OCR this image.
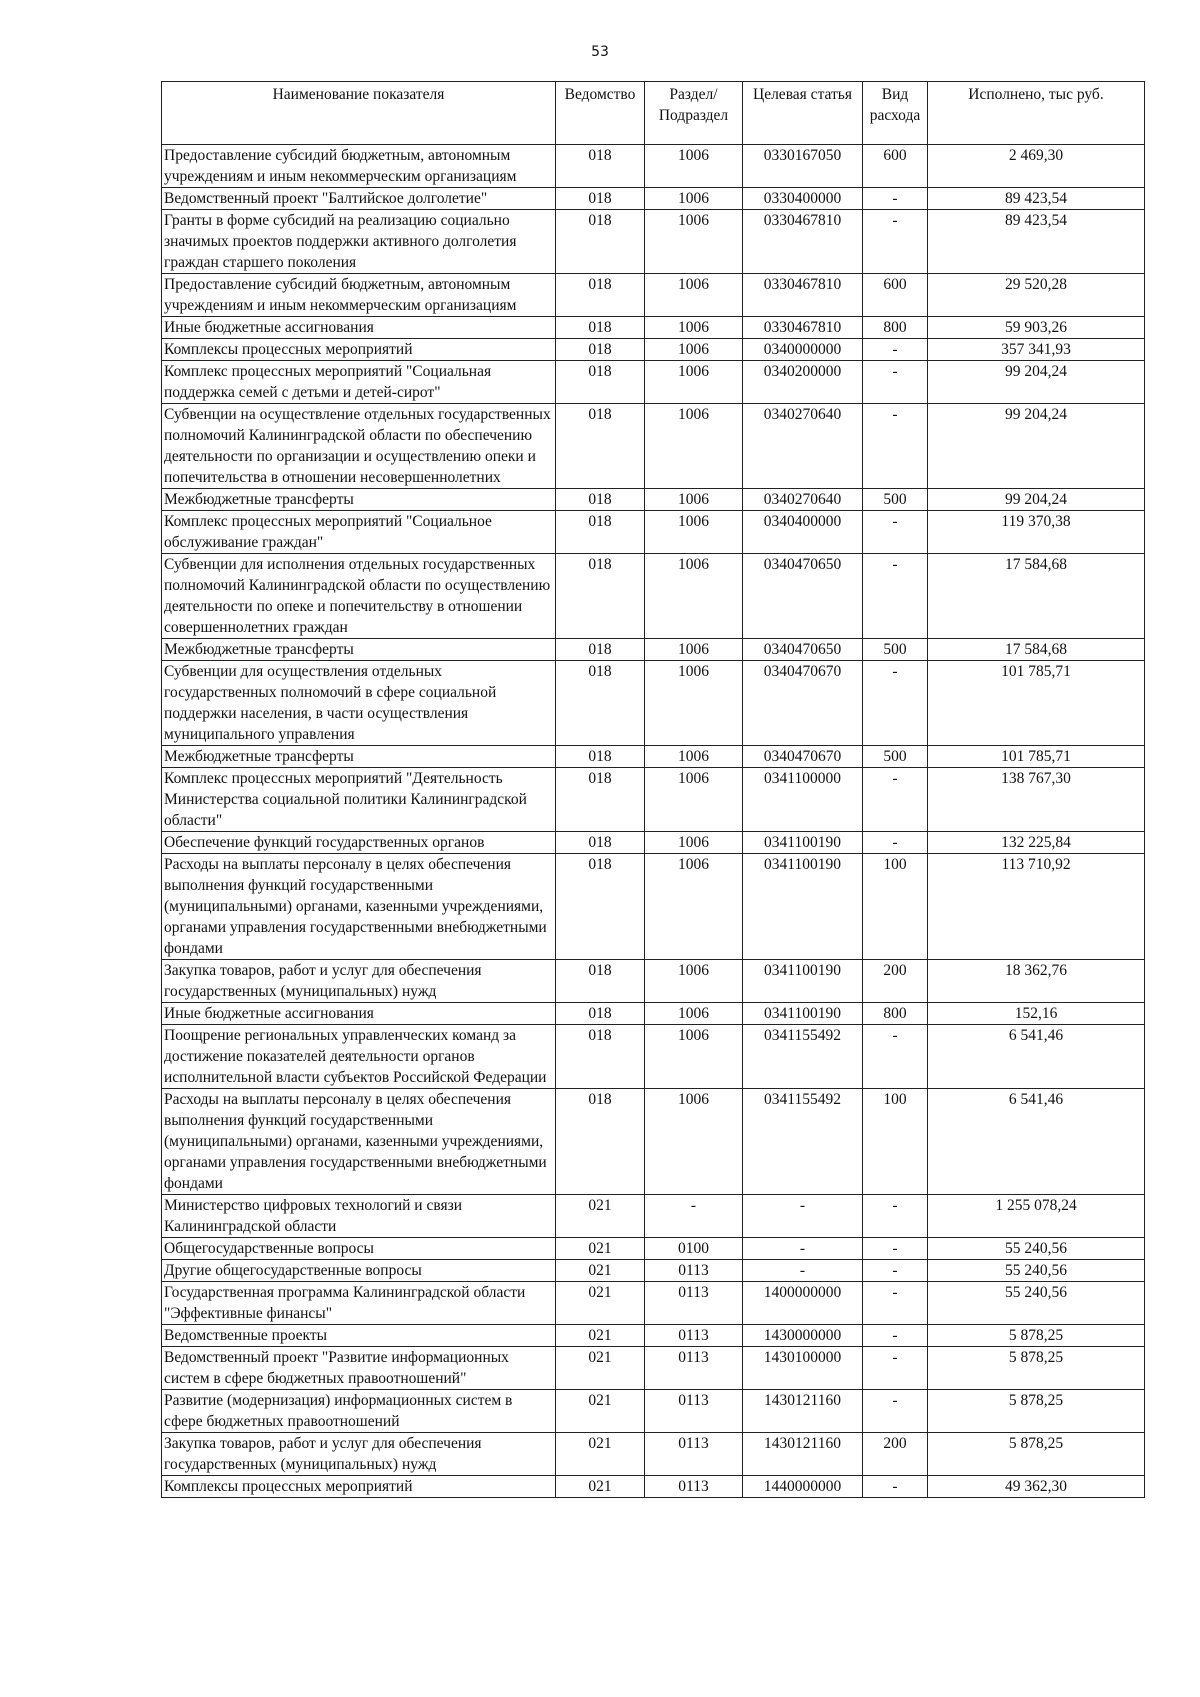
53
Наименование показателя	Ведомство	Раздел/ Подраздел	Целевая статья	Вид расхода	Исполнено, тыс руб.
Предоставление субсидий бюджетным, автономным учреждениям и иным некоммерческим организациям	018	1006	0330167050	600	2 469,30
Ведомственный проект "Балтийское долголетие"	018	1006	0330400000	-	89 423,54
Гранты в форме субсидий на реализацию социально значимых проектов поддержки активного долголетия граждан старшего поколения	018	1006	0330467810	-	89 423,54
Предоставление субсидий бюджетным, автономным учреждениям и иным некоммерческим организациям	018	1006	0330467810	600	29 520,28
Иные бюджетные ассигнования	018	1006	0330467810	800	59 903,26
Комплексы процессных мероприятий	018	1006	0340000000	-	357 341,93
Комплекс процессных мероприятий "Социальная поддержка семей с детьми и детей-сирот"	018	1006	0340200000	-	99 204,24
Субвенции на осуществление отдельных государственных полномочий Калининградской области по обеспечению деятельности по организации и осуществлению опеки и попечительства в отношении несовершеннолетних	018	1006	0340270640	-	99 204,24
Межбюджетные трансферты	018	1006	0340270640	500	99 204,24
Комплекс процессных мероприятий "Социальное обслуживание граждан"	018	1006	0340400000	-	119 370,38
Субвенции для исполнения отдельных государственных полномочий Калининградской области по осуществлению деятельности по опеке и попечительству в отношении совершеннолетних граждан	018	1006	0340470650	-	17 584,68
Межбюджетные трансферты	018	1006	0340470650	500	17 584,68
Субвенции для осуществления отдельных государственных полномочий в сфере социальной поддержки населения, в части осуществления муниципального управления	018	1006	0340470670	-	101 785,71
Межбюджетные трансферты	018	1006	0340470670	500	101 785,71
Комплекс процессных мероприятий "Деятельность Министерства социальной политики Калининградской области"	018	1006	0341100000	-	138 767,30
Обеспечение функций государственных органов	018	1006	0341100190	-	132 225,84
Расходы на выплаты персоналу в целях обеспечения выполнения функций государственными (муниципальными) органами, казенными учреждениями, органами управления государственными внебюджетными фондами	018	1006	0341100190	100	113 710,92
Закупка товаров, работ и услуг для обеспечения государственных (муниципальных) нужд	018	1006	0341100190	200	18 362,76
Иные бюджетные ассигнования	018	1006	0341100190	800	152,16
Поощрение региональных управленческих команд за достижение показателей деятельности органов исполнительной власти субъектов Российской Федерации	018	1006	0341155492	-	6 541,46
Расходы на выплаты персоналу в целях обеспечения выполнения функций государственными (муниципальными) органами, казенными учреждениями, органами управления государственными внебюджетными фондами	018	1006	0341155492	100	6 541,46
Министерство цифровых технологий и связи Калининградской области	021	-	-	-	1 255 078,24
Общегосударственные вопросы	021	0100	-	-	55 240,56
Другие общегосударственные вопросы	021	0113	-	-	55 240,56
Государственная программа Калининградской области "Эффективные финансы"	021	0113	1400000000	-	55 240,56
Ведомственные проекты	021	0113	1430000000	-	5 878,25
Ведомственный проект "Развитие информационных систем в сфере бюджетных правоотношений"	021	0113	1430100000	-	5 878,25
Развитие (модернизация) информационных систем в сфере бюджетных правоотношений	021	0113	1430121160	-	5 878,25
Закупка товаров, работ и услуг для обеспечения государственных (муниципальных) нужд	021	0113	1430121160	200	5 878,25
Комплексы процессных мероприятий	021	0113	1440000000	-	49 362,30
